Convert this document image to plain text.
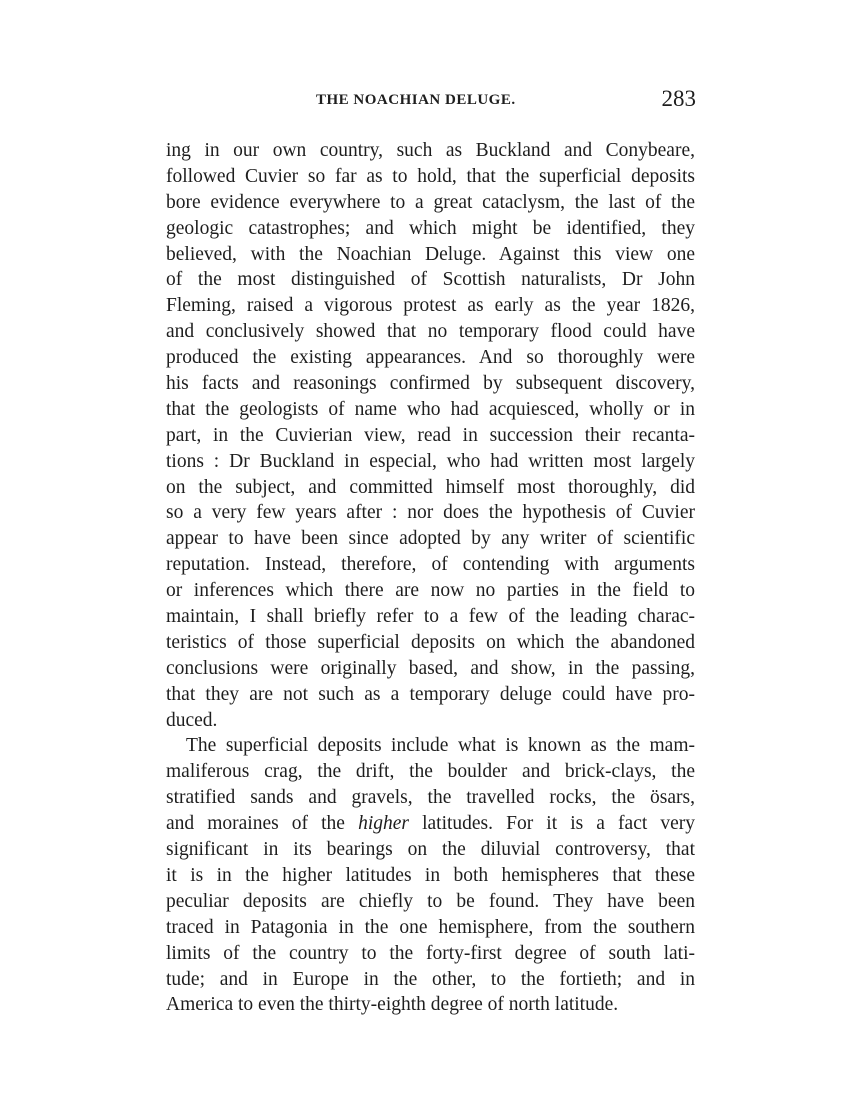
THE NOACHIAN DELUGE.	283
ing in our own country, such as Buckland and Conybeare,
followed Cuvier so far as to hold, that the superficial deposits
bore evidence everywhere to a great cataclysm, the last of the
geologic catastrophes; and which might be identified, they
believed, with the Noachian Deluge. Against this view one
of the most distinguished of Scottish naturalists, Dr John
Fleming, raised a vigorous protest as early as the year 1826,
and conclusively showed that no temporary flood could have
produced the existing appearances. And so thoroughly were
his facts and reasonings confirmed by subsequent discovery,
that the geologists of name who had acquiesced, wholly or in
part, in the Cuvierian view, read in succession their recanta-
tions : Dr Buckland in especial, who had written most largely
on the subject, and committed himself most thoroughly, did
so a very few years after : nor does the hypothesis of Cuvier
appear to have been since adopted by any writer of scientific
reputation. Instead, therefore, of contending with arguments
or inferences which there are now no parties in the field to
maintain, I shall briefly refer to a few of the leading charac-
teristics of those superficial deposits on which the abandoned
conclusions were originally based, and show, in the passing,
that they are not such as a temporary deluge could have pro-
duced.
The superficial deposits include what is known as the mam-
maliferous crag, the drift, the boulder and brick-clays, the
stratified sands and gravels, the travelled rocks, the ösars,
and moraines of the higher latitudes. For it is a fact very
significant in its bearings on the diluvial controversy, that
it is in the higher latitudes in both hemispheres that these
peculiar deposits are chiefly to be found. They have been
traced in Patagonia in the one hemisphere, from the southern
limits of the country to the forty-first degree of south lati-
tude; and in Europe in the other, to the fortieth; and in
America to even the thirty-eighth degree of north latitude.
